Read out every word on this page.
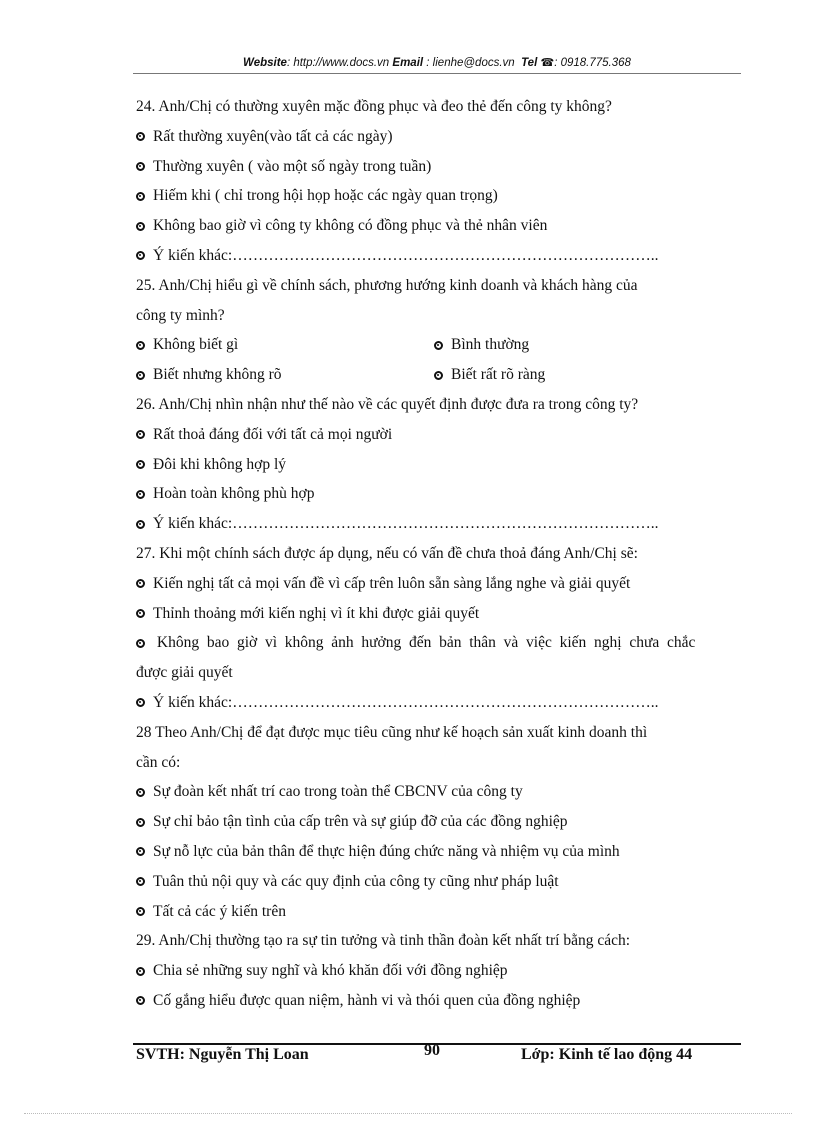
Website: http://www.docs.vn Email : lienhe@docs.vn Tel ☎: 0918.775.368
24. Anh/Chị có thường xuyên mặc đồng phục và đeo thẻ đến công ty không?
Rất thường xuyên(vào tất cả các ngày)
Thường xuyên ( vào một số ngày trong tuần)
Hiếm khi ( chỉ trong hội họp hoặc các ngày quan trọng)
Không bao giờ vì công ty không có đồng phục và thẻ nhân viên
Ý kiến khác:………………………………………………………………………..
25. Anh/Chị hiểu gì về chính sách, phương hướng kinh doanh và khách hàng của
công ty mình?
Không biết gì	Bình thường
Biết nhưng không rõ	Biết rất rõ ràng
26. Anh/Chị nhìn nhận như thế nào về các quyết định được đưa ra trong công ty?
Rất thoả đáng đối với tất cả mọi người
Đôi khi không hợp lý
Hoàn toàn không phù hợp
Ý kiến khác:………………………………………………………………………..
27. Khi một chính sách được áp dụng, nếu có vấn đề chưa thoả đáng Anh/Chị sẽ:
Kiến nghị tất cả mọi vấn đề vì cấp trên luôn sẵn sàng lắng nghe và giải quyết
Thỉnh thoảng mới kiến nghị vì ít khi được giải quyết
Không  bao  giờ  vì  không  ảnh  hưởng  đến  bản  thân  và  việc  kiến  nghị  chưa  chắc
được giải quyết
Ý kiến khác:………………………………………………………………………..
28 Theo Anh/Chị để đạt được mục tiêu cũng như kế hoạch sản xuất kinh doanh thì
cần có:
Sự đoàn kết nhất trí cao trong toàn thể CBCNV của công ty
Sự chỉ bảo tận tình của cấp trên và sự giúp đỡ của các đồng nghiệp
Sự nỗ lực của bản thân để thực hiện đúng chức năng và nhiệm vụ của mình
Tuân thủ nội quy và các quy định của công ty cũng như pháp luật
Tất cả các ý kiến trên
29. Anh/Chị thường tạo ra sự tin tưởng và tinh thần đoàn kết nhất trí bằng cách:
Chia sẻ những suy nghĩ và khó khăn đối với đồng nghiệp
Cố gắng hiểu được quan niệm, hành vi và thói quen của đồng nghiệp
SVTH: Nguyễn Thị Loan	90	Lớp: Kinh tế lao động 44
